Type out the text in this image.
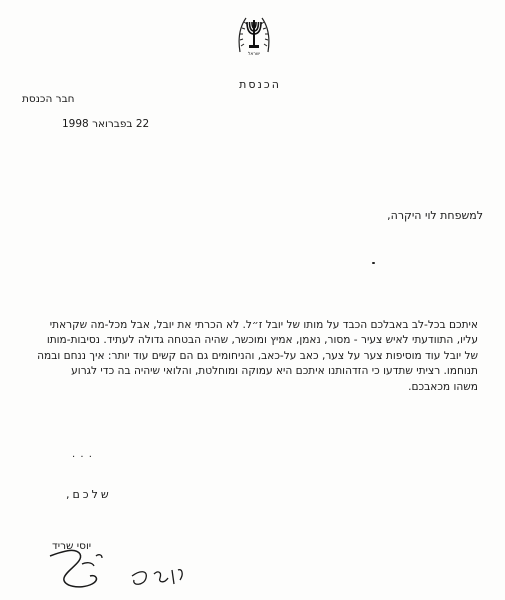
ישראל
הכנסת
חבר הכנסת
22 בפברואר 1998
למשפחת לוי היקרה,
איתכם בכל-לב באבלכם הכבד על מותו של יובל ז״ל. לא הכרתי את יובל, אבל מכל-מה שקראתי
עליו, התוודעתי לאיש צעיר - מסור, נאמן, אמיץ ומוכשר, שהיה הבטחה גדולה לעתיד. נסיבות-מותו
של יובל עוד מוסיפות צער על צער, כאב על-כאב, והניחומים גם הם קשים עוד יותר: איך ננחם ובמה
תנוחמו. רציתי שתדעו כי הזדהותנו איתכם היא עמוקה ומוחלטת, והלואי שיהיה בה כדי לגרוע
משהו מכאבכם.
. . .
שלכם,
יוסי שריד
